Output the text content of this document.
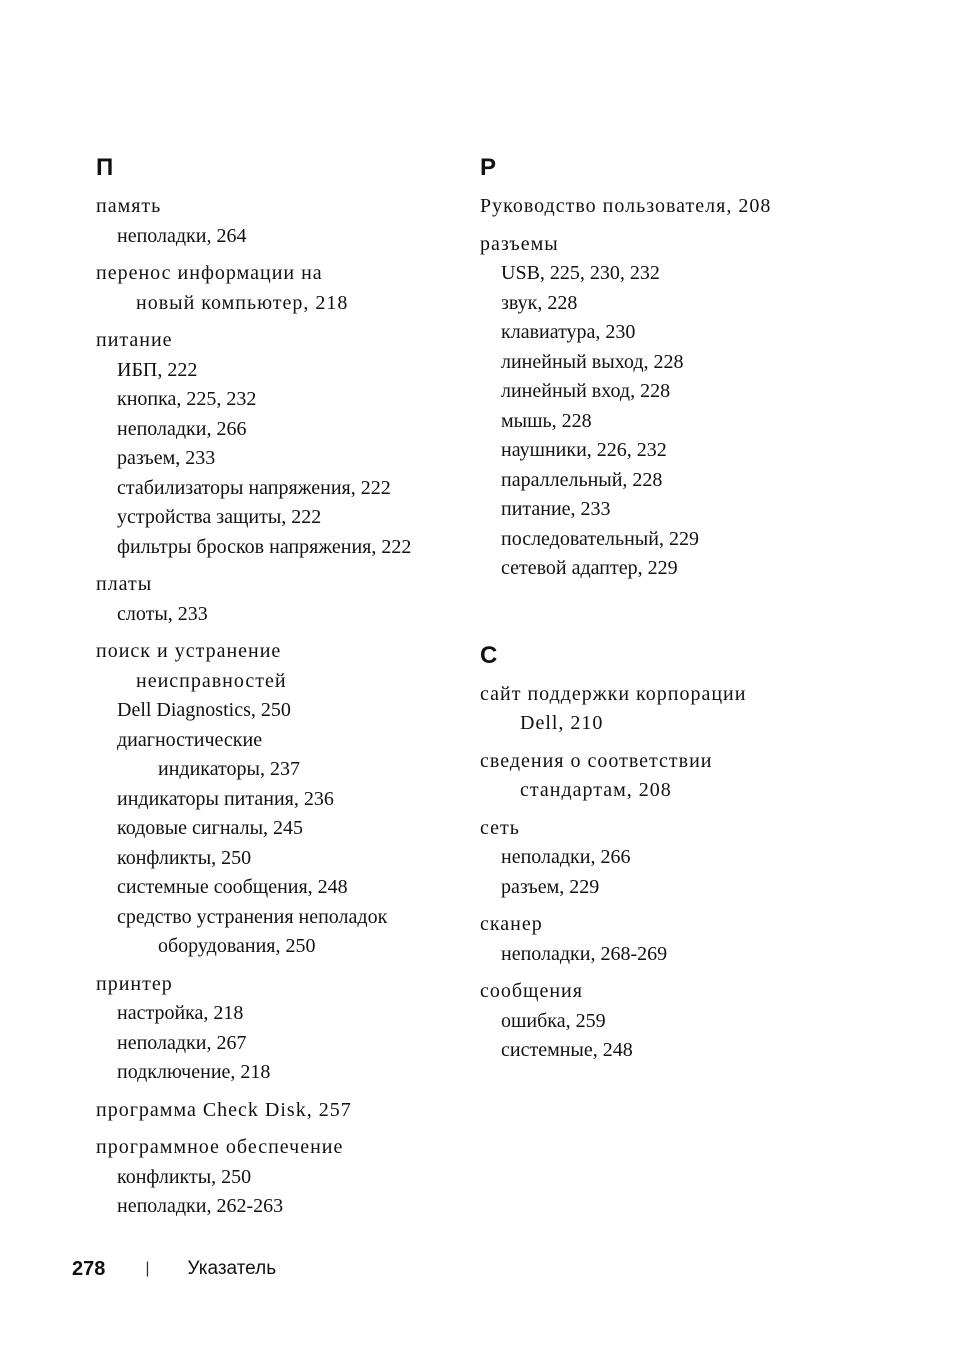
П
память
неполадки, 264
перенос информации на
новый компьютер, 218
питание
ИБП, 222
кнопка, 225, 232
неполадки, 266
разъем, 233
стабилизаторы напряжения, 222
устройства защиты, 222
фильтры бросков напряжения, 222
платы
слоты, 233
поиск и устранение
неисправностей
Dell Diagnostics, 250
диагностические
индикаторы, 237
индикаторы питания, 236
кодовые сигналы, 245
конфликты, 250
системные сообщения, 248
средство устранения неполадок
оборудования, 250
принтер
настройка, 218
неполадки, 267
подключение, 218
программа Check Disk, 257
программное обеспечение
конфликты, 250
неполадки, 262-263
Р
Руководство пользователя, 208
разъемы
USB, 225, 230, 232
звук, 228
клавиатура, 230
линейный выход, 228
линейный вход, 228
мышь, 228
наушники, 226, 232
параллельный, 228
питание, 233
последовательный, 229
сетевой адаптер, 229
С
сайт поддержки корпорации
Dell, 210
сведения о соответствии
стандартам, 208
сеть
неполадки, 266
разъем, 229
сканер
неполадки, 268-269
сообщения
ошибка, 259
системные, 248
278	| Указатель
